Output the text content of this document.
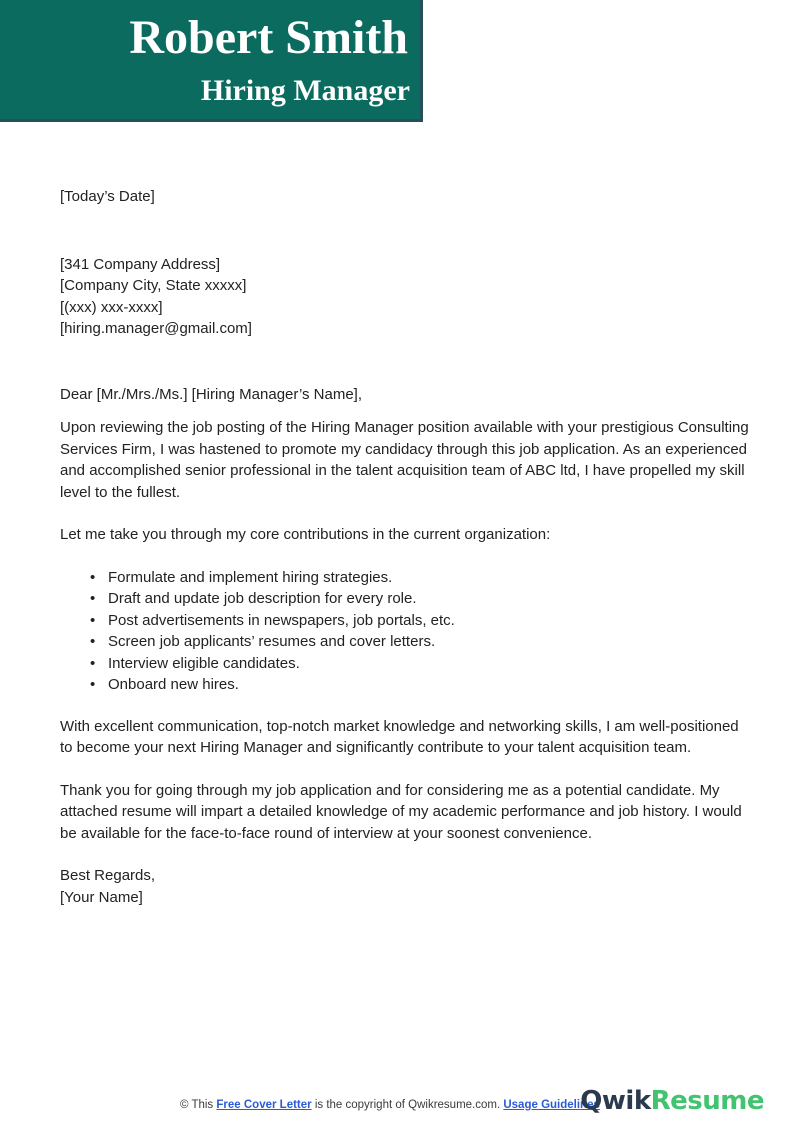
Robert Smith
Hiring Manager
[Today’s Date]
[341 Company Address]
[Company City, State xxxxx]
[(xxx) xxx-xxxx]
[hiring.manager@gmail.com]
Dear [Mr./Mrs./Ms.] [Hiring Manager’s Name],
Upon reviewing the job posting of the Hiring Manager position available with your prestigious Consulting Services Firm, I was hastened to promote my candidacy through this job application. As an experienced and accomplished senior professional in the talent acquisition team of ABC ltd, I have propelled my skill level to the fullest.
Let me take you through my core contributions in the current organization:
• Formulate and implement hiring strategies.
• Draft and update job description for every role.
• Post advertisements in newspapers, job portals, etc.
• Screen job applicants’ resumes and cover letters.
• Interview eligible candidates.
• Onboard new hires.
With excellent communication, top-notch market knowledge and networking skills, I am well-positioned to become your next Hiring Manager and significantly contribute to your talent acquisition team.
Thank you for going through my job application and for considering me as a potential candidate. My attached resume will impart a detailed knowledge of my academic performance and job history. I would be available for the face-to-face round of interview at your soonest convenience.
Best Regards,
[Your Name]
© This Free Cover Letter is the copyright of Qwikresume.com. Usage Guidelines
QwikResume
